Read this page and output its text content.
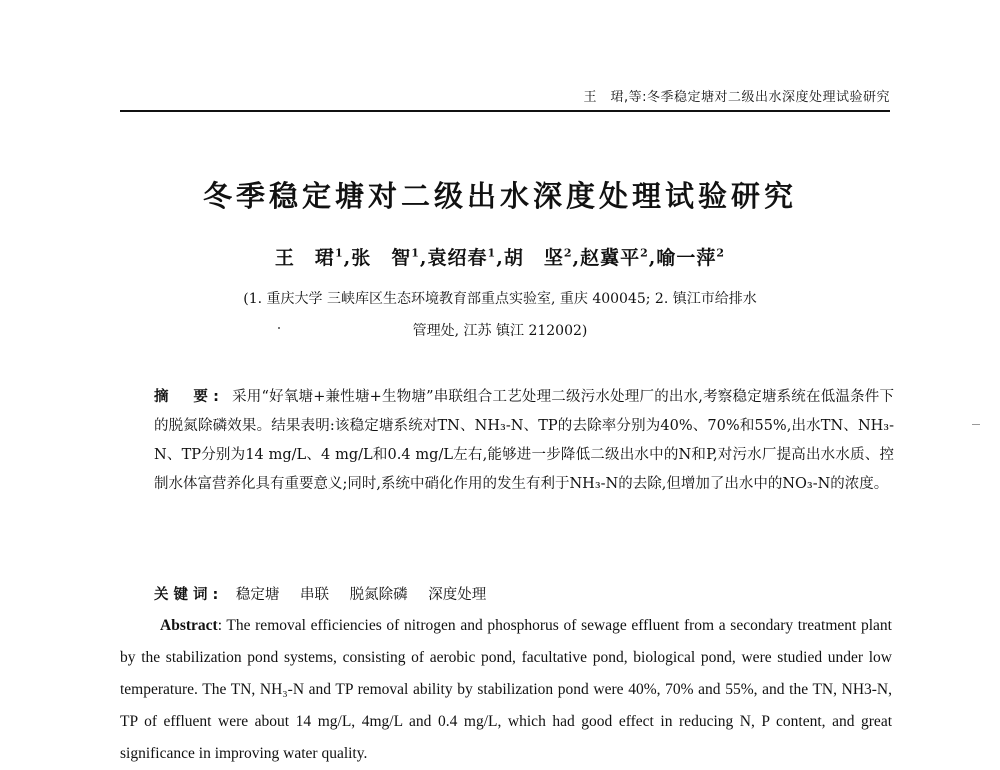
王　珺,等:冬季稳定塘对二级出水深度处理试验研究
冬季稳定塘对二级出水深度处理试验研究
王　珺$^1$,张　智$^1$,袁绍春$^1$,胡　坚$^2$,赵冀平$^2$,喻一萍$^2$
(1. 重庆大学 三峡库区生态环境教育部重点实验室, 重庆 400045; 2. 镇江市给排水
管理处, 江苏 镇江 212002)
摘　要: 采用“好氧塘+兼性塘+生物塘”串联组合工艺处理二级污水处理厂的出水,考察稳定塘系统在低温条件下的脱氮除磷效果。结果表明:该稳定塘系统对TN、NH₃-N、TP的去除率分别为40%、70%和55%,出水TN、NH₃-N、TP分别为14 mg/L、4 mg/L和0.4 mg/L左右,能够进一步降低二级出水中的N和P,对污水厂提高出水水质、控制水体富营养化具有重要意义;同时,系统中硝化作用的发生有利于NH₃-N的去除,但增加了出水中的NO₃-N的浓度。
关键词: 稳定塘 串联 脱氮除磷 深度处理
Abstract: The removal efficiencies of nitrogen and phosphorus of sewage effluent from a secondary treatment plant by the stabilization pond systems, consisting of aerobic pond, facultative pond, biological pond, were studied under low temperature. The TN, NH₃-N and TP removal ability by stabilization pond were 40%, 70% and 55%, and the TN, NH3-N, TP of effluent were about 14 mg/L, 4mg/L and 0.4 mg/L, which had good effect in reducing N, P content, and great significance in improving water quality.
